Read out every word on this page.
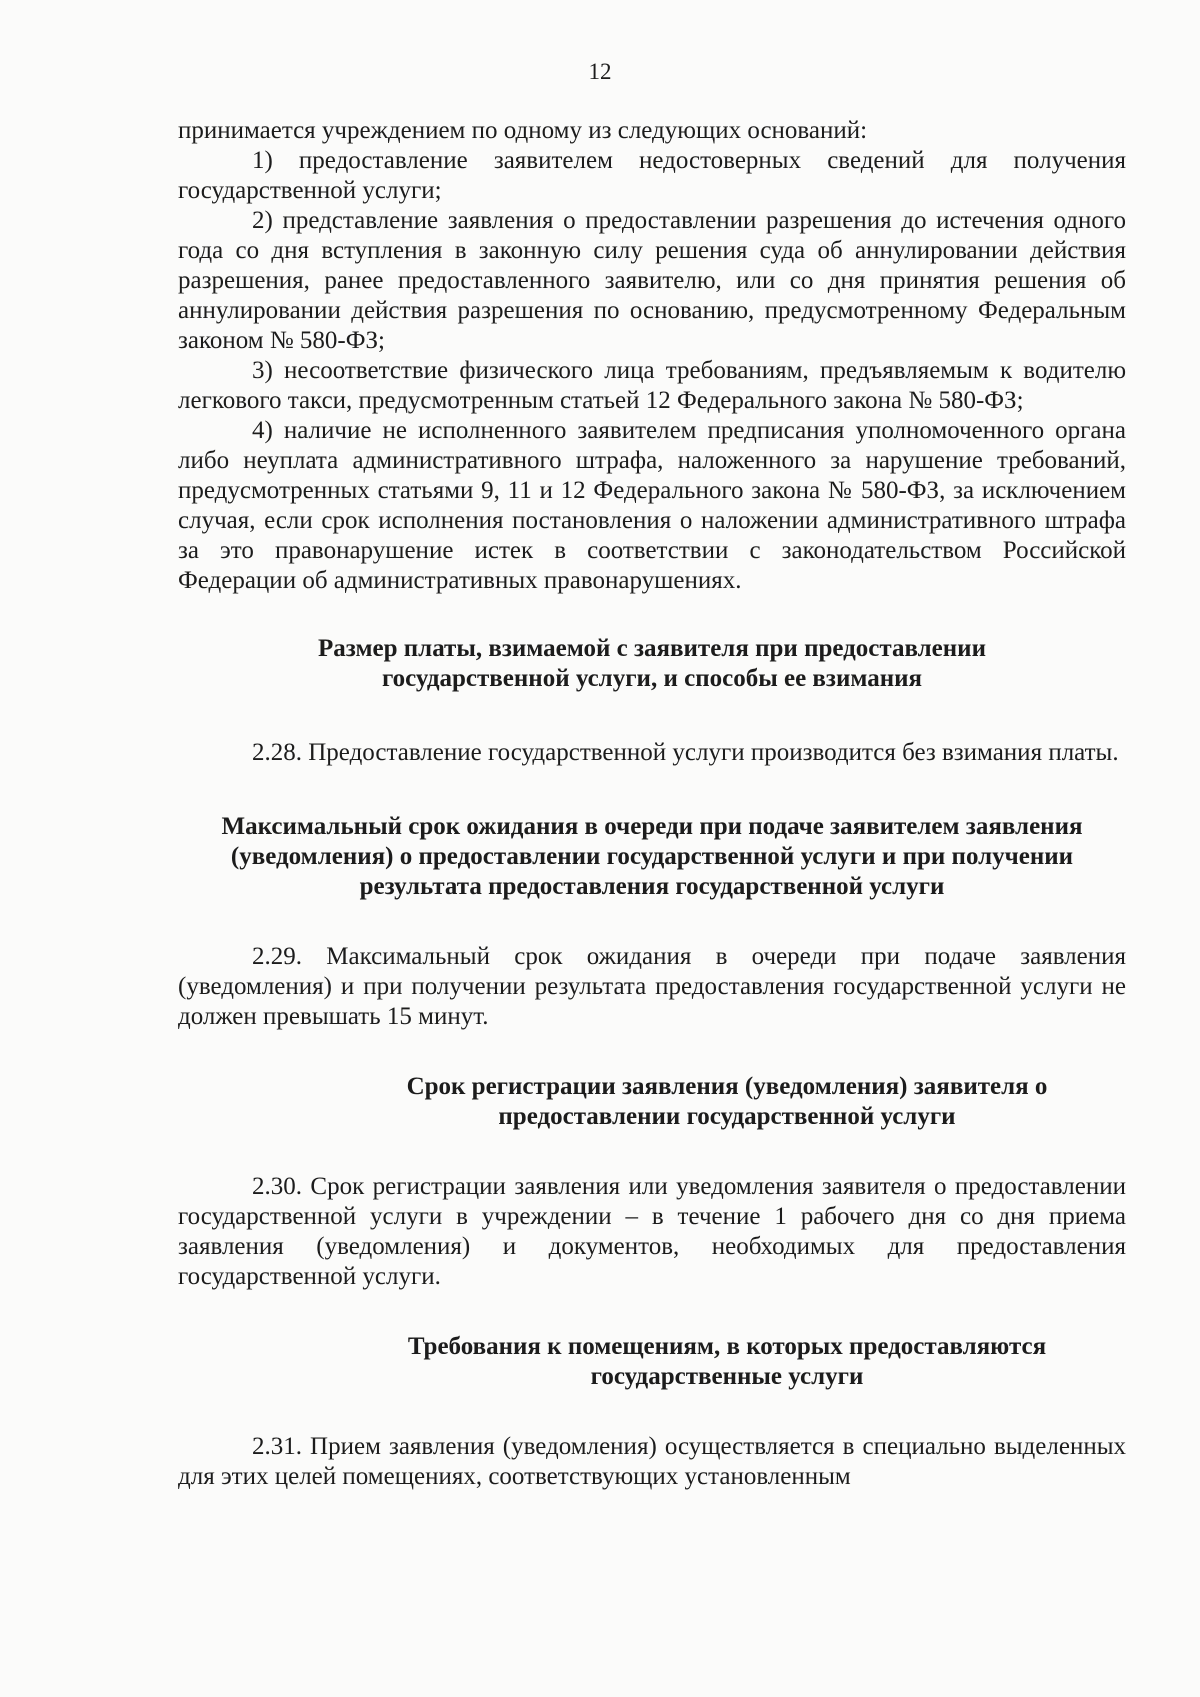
12

принимается учреждением по одному из следующих оснований:

1) предоставление заявителем недостоверных сведений для получения государственной услуги;

2) представление заявления о предоставлении разрешения до истечения одного года со дня вступления в законную силу решения суда об аннулировании действия разрешения, ранее предоставленного заявителю, или со дня принятия решения об аннулировании действия разрешения по основанию, предусмотренному Федеральным законом № 580-ФЗ;

3) несоответствие физического лица требованиям, предъявляемым к водителю легкового такси, предусмотренным статьей 12 Федерального закона № 580-ФЗ;

4) наличие не исполненного заявителем предписания уполномоченного органа либо неуплата административного штрафа, наложенного за нарушение требований, предусмотренных статьями 9, 11 и 12 Федерального закона № 580-ФЗ, за исключением случая, если срок исполнения постановления о наложении административного штрафа за это правонарушение истек в соответствии с законодательством Российской Федерации об административных правонарушениях.

Размер платы, взимаемой с заявителя при предоставлении
государственной услуги, и способы ее взимания

2.28. Предоставление государственной услуги производится без взимания платы.

Максимальный срок ожидания в очереди при подаче заявителем заявления
(уведомления) о предоставлении государственной услуги и при получении
результата предоставления государственной услуги

2.29. Максимальный срок ожидания в очереди при подаче заявления (уведомления) и при получении результата предоставления государственной услуги не должен превышать 15 минут.

Срок регистрации заявления (уведомления) заявителя о
предоставлении государственной услуги

2.30. Срок регистрации заявления или уведомления заявителя о предоставлении государственной услуги в учреждении – в течение 1 рабочего дня со дня приема заявления (уведомления) и документов, необходимых для предоставления государственной услуги.

Требования к помещениям, в которых предоставляются
государственные услуги

2.31. Прием заявления (уведомления) осуществляется в специально выделенных для этих целей помещениях, соответствующих установленным
